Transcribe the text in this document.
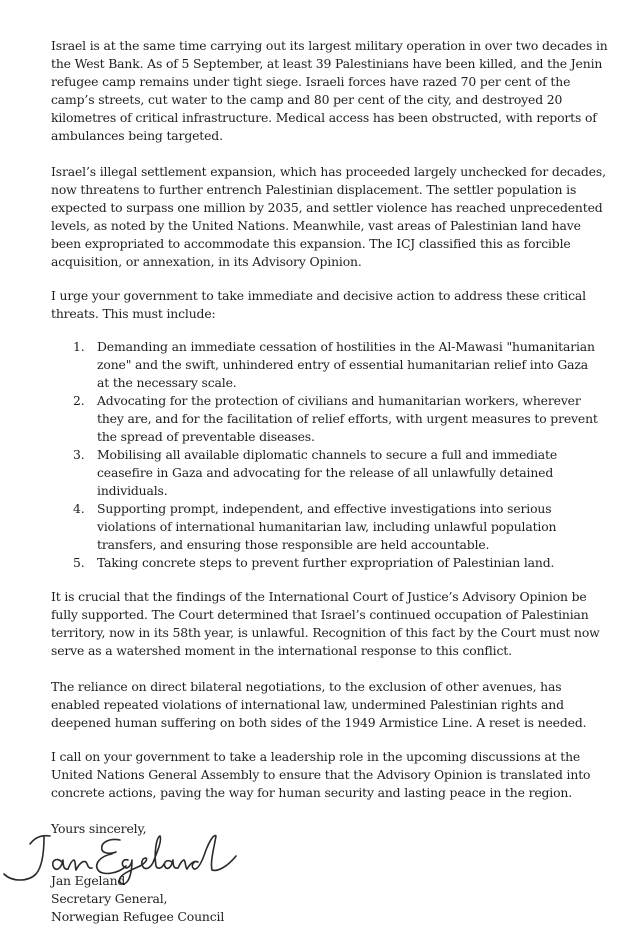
Israel is at the same time carrying out its largest military operation in over two decades in the West Bank. As of 5 September, at least 39 Palestinians have been killed, and the Jenin refugee camp remains under tight siege. Israeli forces have razed 70 per cent of the camp’s streets, cut water to the camp and 80 per cent of the city, and destroyed 20 kilometres of critical infrastructure. Medical access has been obstructed, with reports of ambulances being targeted.

Israel’s illegal settlement expansion, which has proceeded largely unchecked for decades, now threatens to further entrench Palestinian displacement. The settler population is expected to surpass one million by 2035, and settler violence has reached unprecedented levels, as noted by the United Nations. Meanwhile, vast areas of Palestinian land have been expropriated to accommodate this expansion. The ICJ classified this as forcible acquisition, or annexation, in its Advisory Opinion.

I urge your government to take immediate and decisive action to address these critical threats. This must include:

1. Demanding an immediate cessation of hostilities in the Al-Mawasi "humanitarian zone" and the swift, unhindered entry of essential humanitarian relief into Gaza at the necessary scale.
2. Advocating for the protection of civilians and humanitarian workers, wherever they are, and for the facilitation of relief efforts, with urgent measures to prevent the spread of preventable diseases.
3. Mobilising all available diplomatic channels to secure a full and immediate ceasefire in Gaza and advocating for the release of all unlawfully detained individuals.
4. Supporting prompt, independent, and effective investigations into serious violations of international humanitarian law, including unlawful population transfers, and ensuring those responsible are held accountable.
5. Taking concrete steps to prevent further expropriation of Palestinian land.

It is crucial that the findings of the International Court of Justice’s Advisory Opinion be fully supported. The Court determined that Israel’s continued occupation of Palestinian territory, now in its 58th year, is unlawful. Recognition of this fact by the Court must now serve as a watershed moment in the international response to this conflict.

The reliance on direct bilateral negotiations, to the exclusion of other avenues, has enabled repeated violations of international law, undermined Palestinian rights and deepened human suffering on both sides of the 1949 Armistice Line. A reset is needed.

I call on your government to take a leadership role in the upcoming discussions at the United Nations General Assembly to ensure that the Advisory Opinion is translated into concrete actions, paving the way for human security and lasting peace in the region.

Yours sincerely,
Jan Egeland
Secretary General,
Norwegian Refugee Council
